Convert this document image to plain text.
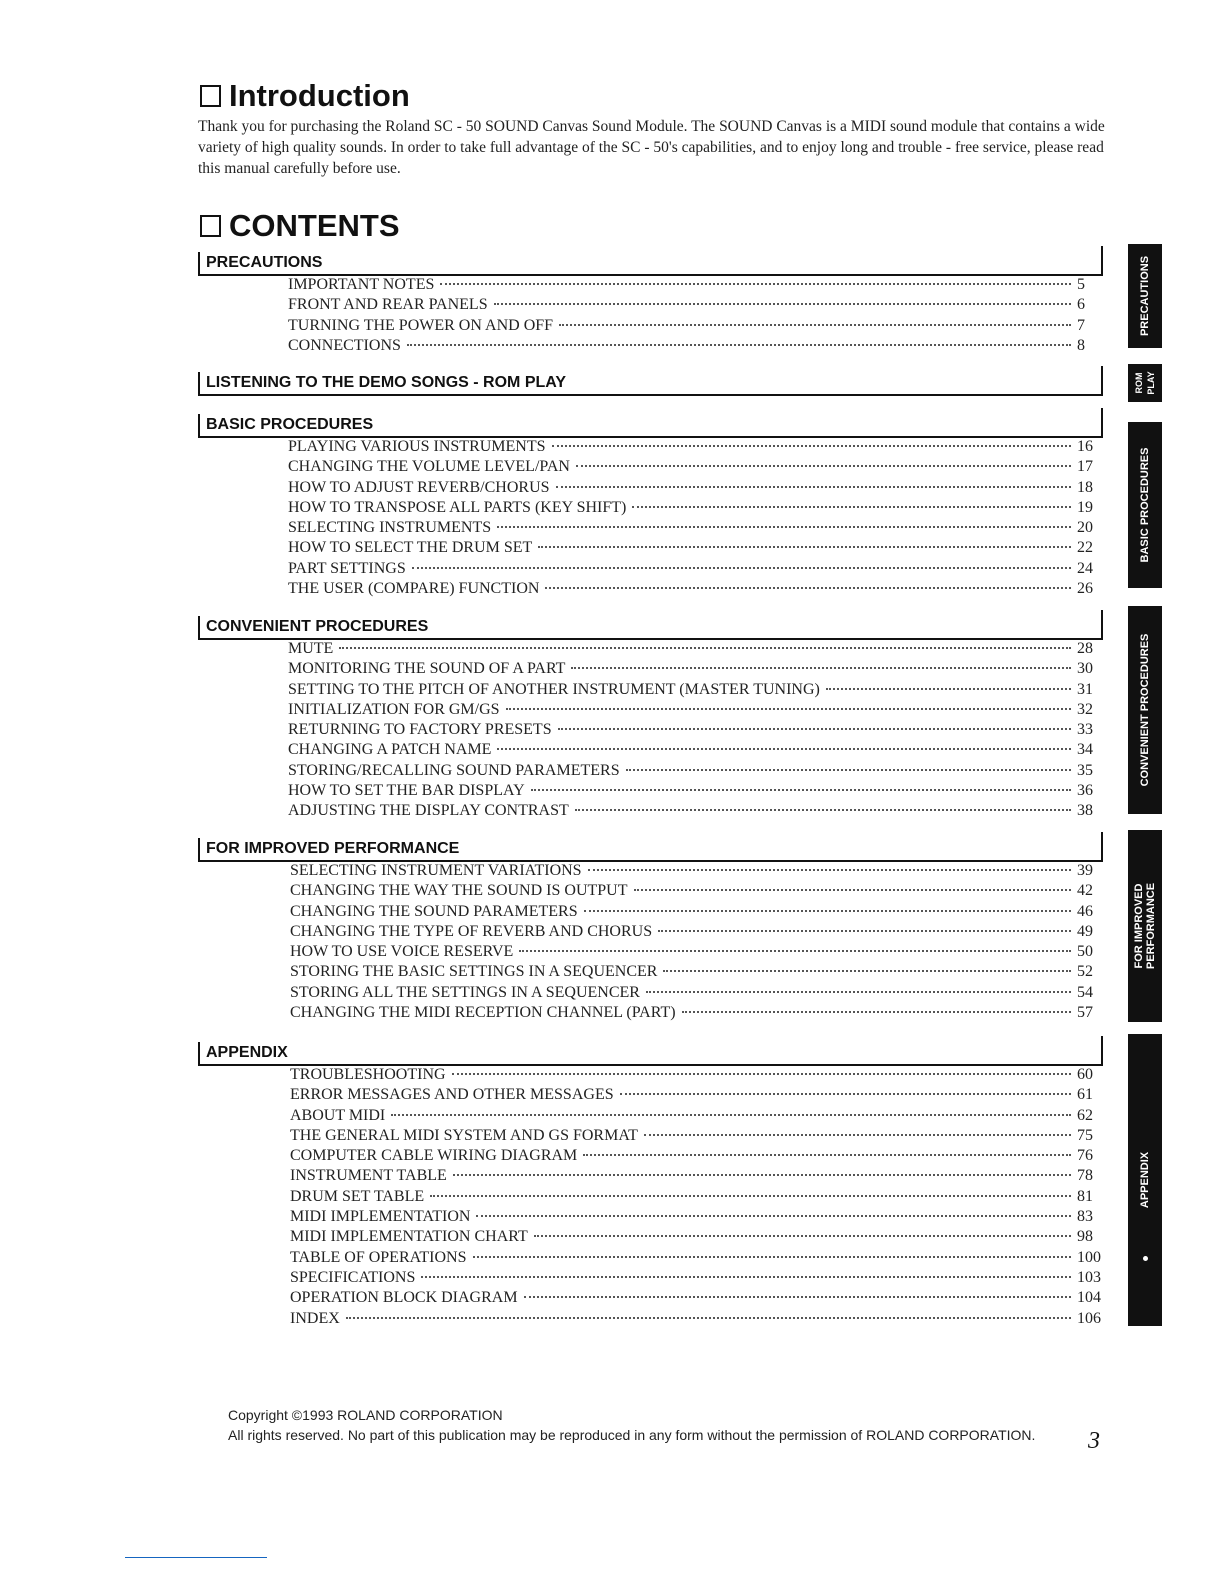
Introduction

Thank you for purchasing the Roland SC - 50 SOUND Canvas Sound Module. The SOUND Canvas is a MIDI sound module that contains a wide variety of high quality sounds. In order to take full advantage of the SC - 50's capabilities, and to enjoy long and trouble - free service, please read this manual carefully before use.

CONTENTS
PRECAUTIONS
IMPORTANT NOTES	5
FRONT AND REAR PANELS	6
TURNING THE POWER ON AND OFF	7
CONNECTIONS	8
LISTENING TO THE DEMO SONGS - ROM PLAY
BASIC PROCEDURES
PLAYING VARIOUS INSTRUMENTS	16
CHANGING THE VOLUME LEVEL/PAN	17
HOW TO ADJUST REVERB/CHORUS	18
HOW TO TRANSPOSE ALL PARTS (KEY SHIFT)	19
SELECTING INSTRUMENTS	20
HOW TO SELECT THE DRUM SET	22
PART SETTINGS	24
THE USER (COMPARE) FUNCTION	26
CONVENIENT PROCEDURES
MUTE	28
MONITORING THE SOUND OF A PART	30
SETTING TO THE PITCH OF ANOTHER INSTRUMENT (MASTER TUNING)	31
INITIALIZATION FOR GM/GS	32
RETURNING TO FACTORY PRESETS	33
CHANGING A PATCH NAME	34
STORING/RECALLING SOUND PARAMETERS	35
HOW TO SET THE BAR DISPLAY	36
ADJUSTING THE DISPLAY CONTRAST	38
FOR IMPROVED PERFORMANCE
SELECTING INSTRUMENT VARIATIONS	39
CHANGING THE WAY THE SOUND IS OUTPUT	42
CHANGING THE SOUND PARAMETERS	46
CHANGING THE TYPE OF REVERB AND CHORUS	49
HOW TO USE VOICE RESERVE	50
STORING THE BASIC SETTINGS IN A SEQUENCER	52
STORING ALL THE SETTINGS IN A SEQUENCER	54
CHANGING THE MIDI RECEPTION CHANNEL (PART)	57
APPENDIX
TROUBLESHOOTING	60
ERROR MESSAGES AND OTHER MESSAGES	61
ABOUT MIDI	62
THE GENERAL MIDI SYSTEM AND GS FORMAT	75
COMPUTER CABLE WIRING DIAGRAM	76
INSTRUMENT TABLE	78
DRUM SET TABLE	81
MIDI IMPLEMENTATION	83
MIDI IMPLEMENTATION CHART	98
TABLE OF OPERATIONS	100
SPECIFICATIONS	103
OPERATION BLOCK DIAGRAM	104
INDEX	106
PRECAUTIONS
ROM PLAY
BASIC PROCEDURES
CONVENIENT PROCEDURES
FOR IMPROVED PERFORMANCE
APPENDIX

Copyright ©1993 ROLAND CORPORATION

All rights reserved. No part of this publication may be reproduced in any form without the permission of ROLAND CORPORATION.	3
